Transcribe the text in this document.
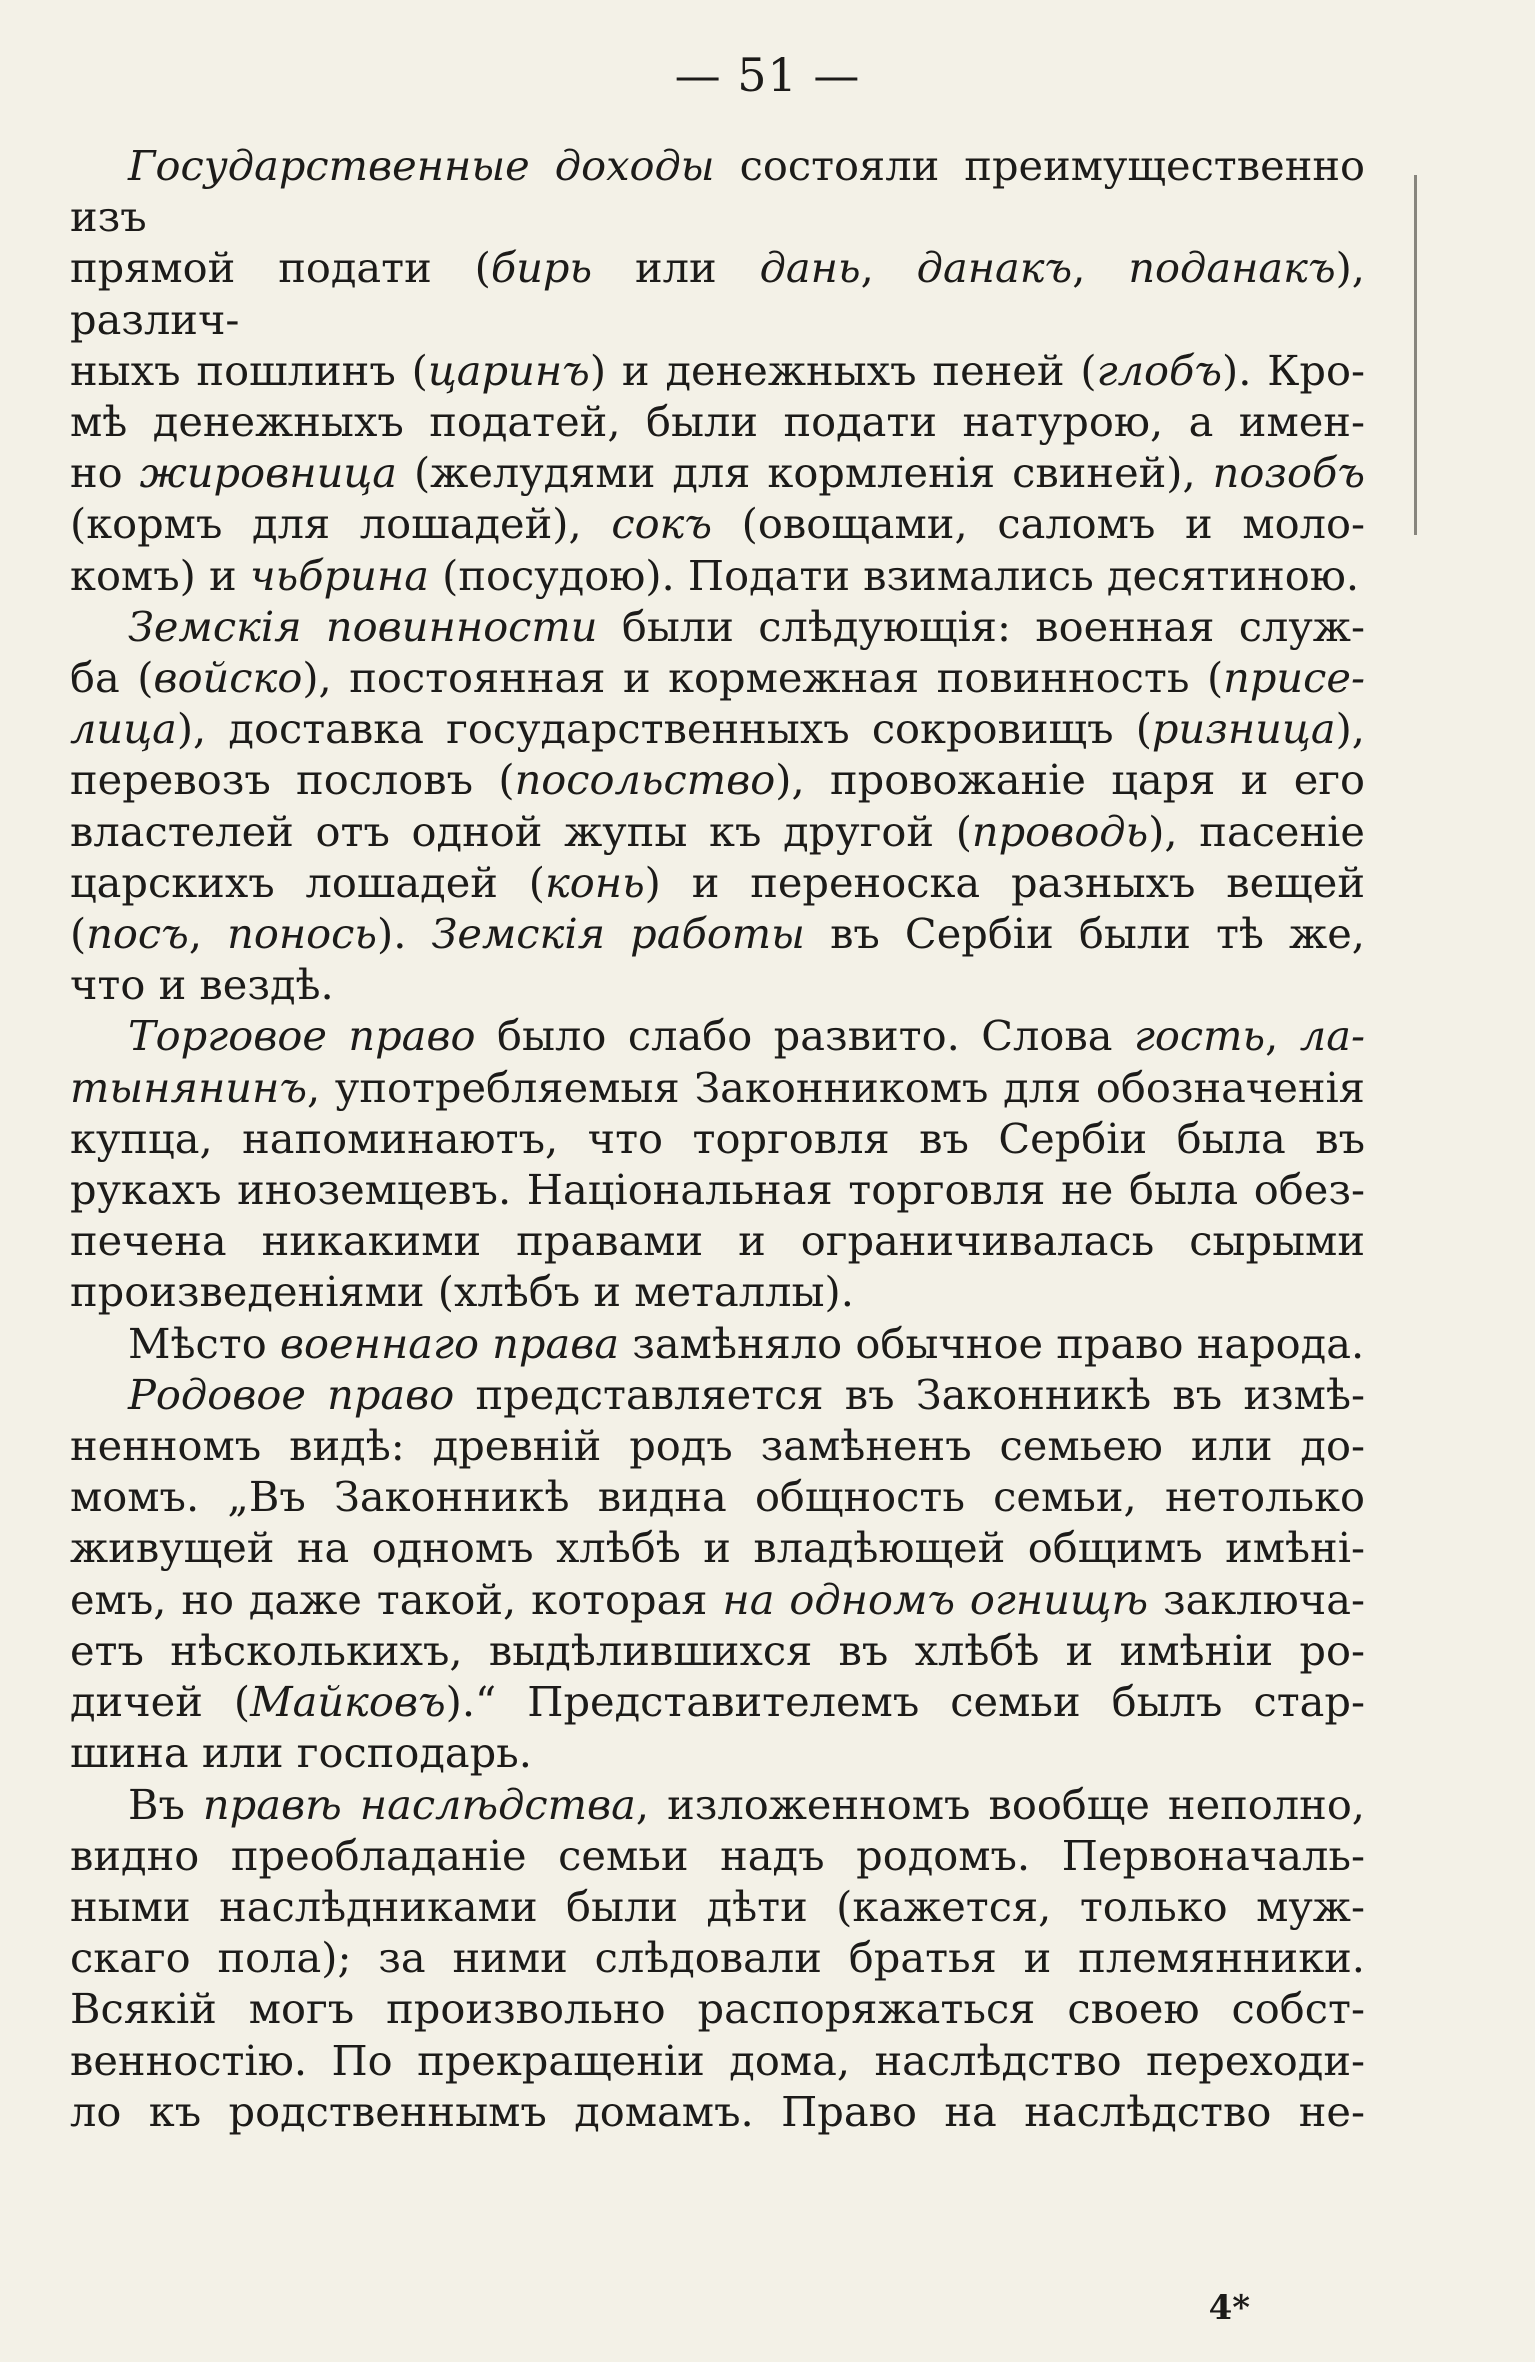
— 51 —
Государственные доходы состояли преимущественно изъ
прямой подати (бирь или дань, данакъ, поданакъ), различ-
ныхъ пошлинъ (царинъ) и денежныхъ пеней (глобъ). Кро-
мѣ денежныхъ податей, были подати натурою, а имен-
но жировница (желудями для кормленія свиней), позобъ
(кормъ для лошадей), сокъ (овощами, саломъ и моло-
комъ) и чьбрина (посудою). Подати взимались десятиною.
Земскія повинности были слѣдующія: военная служ-
ба (войско), постоянная и кормежная повинность (присе-
лица), доставка государственныхъ сокровищъ (ризница),
перевозъ пословъ (посольство), провожаніе царя и его
властелей отъ одной жупы къ другой (проводь), пасеніе
царскихъ лошадей (конь) и переноска разныхъ вещей
(посъ, понось). Земскія работы въ Сербіи были тѣ же,
что и вездѣ.
Торговое право было слабо развито. Слова гость, ла-
тынянинъ, употребляемыя Законникомъ для обозначенія
купца, напоминаютъ, что торговля въ Сербіи была въ
рукахъ иноземцевъ. Національная торговля не была обез-
печена никакими правами и ограничивалась сырыми
произведеніями (хлѣбъ и металлы).
Мѣсто военнаго права замѣняло обычное право народа.
Родовое право представляется въ Законникѣ въ измѣ-
ненномъ видѣ: древній родъ замѣненъ семьею или до-
момъ. „Въ Законникѣ видна общность семьи, нетолько
живущей на одномъ хлѣбѣ и владѣющей общимъ имѣні-
емъ, но даже такой, которая на одномъ огнищѣ заключа-
етъ нѣсколькихъ, выдѣлившихся въ хлѣбѣ и имѣніи ро-
дичей (Майковъ).“ Представителемъ семьи былъ стар-
шина или господарь.
Въ правѣ наслѣдства, изложенномъ вообще неполно,
видно преобладаніе семьи надъ родомъ. Первоначаль-
ными наслѣдниками были дѣти (кажется, только муж-
скаго пола); за ними слѣдовали братья и племянники.
Всякій могъ произвольно распоряжаться своею собст-
венностію. По прекращеніи дома, наслѣдство переходи-
ло къ родственнымъ домамъ. Право на наслѣдство не-
4*
